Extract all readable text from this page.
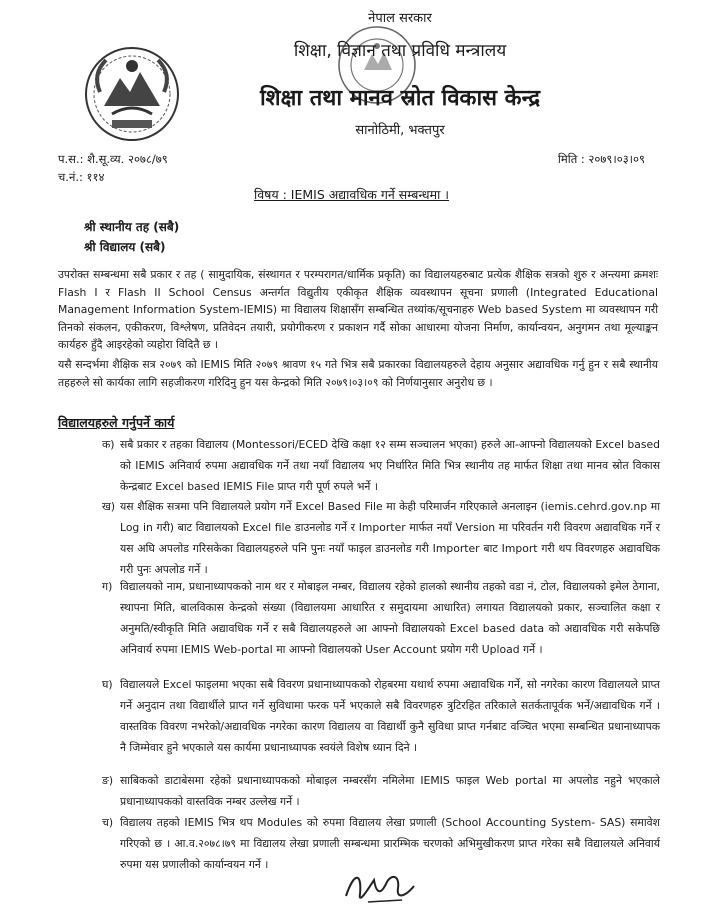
नेपाल सरकार
शिक्षा, विज्ञान तथा प्रविधि मन्त्रालय
शिक्षा तथा मानव स्रोत विकास केन्द्र
सानोठिमी, भक्तपुर
प.स.: शै.सू.व्य. २०७८/७९
च.नं.: ११४
मिति : २०७९।०३।०९
विषय : IEMIS अद्यावधिक गर्ने सम्बन्धमा ।
श्री स्थानीय तह (सबै)
श्री विद्यालय (सबै)
उपरोक्त सम्बन्धमा सबै प्रकार र तह ( सामुदायिक, संस्थागत र परम्परागत/धार्मिक प्रकृति) का विद्यालयहरुबाट प्रत्येक शैक्षिक सत्रको शुरु र अन्त्यमा क्रमशः Flash I र Flash II School Census अन्तर्गत विद्युतीय एकीकृत शैक्षिक व्यवस्थापन सूचना प्रणाली (Integrated Educational Management Information System-IEMIS) मा विद्यालय शिक्षासँग सम्बन्धित तथ्यांक/सूचनाहरु Web based System मा व्यवस्थापन गरी तिनको संकलन, एकीकरण, विश्लेषण, प्रतिवेदन तयारी, प्रयोगीकरण र प्रकाशन गर्दै सोका आधारमा योजना निर्माण, कार्यान्वयन, अनुगमन तथा मूल्याङ्कन कार्यहरु हुँदै आइरहेको व्यहोरा विदितै छ ।
यसै सन्दर्भमा शैक्षिक सत्र २०७९ को IEMIS मिति २०७९ श्रावण १५ गते भित्र सबै प्रकारका विद्यालयहरुले देहाय अनुसार अद्यावधिक गर्नु हुन र सबै स्थानीय तहहरुले सो कार्यका लागि सहजीकरण गरिदिनु हुन यस केन्द्रको मिति २०७९।०३।०९ को निर्णयानुसार अनुरोध छ ।
विद्यालयहरुले गर्नुपर्ने कार्य
क) सबै प्रकार र तहका विद्यालय (Montessori/ECED देखि कक्षा १२ सम्म सञ्चालन भएका) हरुले आ-आफ्नो विद्यालयको Excel based को IEMIS अनिवार्य रुपमा अद्यावधिक गर्ने तथा नयाँ विद्यालय भए निर्धारित मिति भित्र स्थानीय तह मार्फत शिक्षा तथा मानव स्रोत विकास केन्द्रबाट Excel based IEMIS File प्राप्त गरी पूर्ण रुपले भर्ने ।
ख) यस शैक्षिक सत्रमा पनि विद्यालयले प्रयोग गर्ने Excel Based File मा केही परिमार्जन गरिएकाले अनलाइन (iemis.cehrd.gov.np मा Log in गरी) बाट विद्यालयको Excel file डाउनलोड गर्ने र Importer मार्फत नयाँ Version मा परिवर्तन गरी विवरण अद्यावधिक गर्ने र यस अघि अपलोड गरिसकेका विद्यालयहरुले पनि पुनः नयाँ फाइल डाउनलोड गरी Importer बाट Import गरी थप विवरणहरु अद्यावधिक गरी पुनः अपलोड गर्ने ।
ग) विद्यालयको नाम, प्रधानाध्यापकको नाम थर र मोबाइल नम्बर, विद्यालय रहेको हालको स्थानीय तहको वडा नं, टोल, विद्यालयको इमेल ठेगाना, स्थापना मिति, बालविकास केन्द्रको संख्या (विद्यालयमा आधारित र समुदायमा आधारित) लगायत विद्यालयको प्रकार, सञ्चालित कक्षा र अनुमति/स्वीकृति मिति अद्यावधिक गर्ने र सबै विद्यालयहरुले आ आफ्नो विद्यालयको Excel based data को अद्यावधिक गरी सकेपछि अनिवार्य रुपमा IEMIS Web-portal मा आफ्नो विद्यालयको User Account प्रयोग गरी Upload गर्ने ।
घ) विद्यालयले Excel फाइलमा भएका सबै विवरण प्रधानाध्यापकको रोहबरमा यथार्थ रुपमा अद्यावधिक गर्ने, सो नगरेका कारण विद्यालयले प्राप्त गर्ने अनुदान तथा विद्यार्थीले प्राप्त गर्ने सुविधामा फरक पर्ने भएकाले सबै विवरणहरु त्रुटिरहित तरिकाले सतर्कतापूर्वक भर्ने/अद्यावधिक गर्ने । वास्तविक विवरण नभरेको/अद्यावधिक नगरेका कारण विद्यालय वा विद्यार्थी कुनै सुविधा प्राप्त गर्नबाट वञ्चित भएमा सम्बन्धित प्रधानाध्यापक नै जिम्मेवार हुने भएकाले यस कार्यमा प्रधानाध्यापक स्वयंले विशेष ध्यान दिने ।
ङ) साबिकको डाटाबेसमा रहेको प्रधानाध्यापकको मोबाइल नम्बरसँग नमिलेमा IEMIS फाइल Web portal मा अपलोड नहुने भएकाले प्रधानाध्यापकको वास्तविक नम्बर उल्लेख गर्ने ।
च) विद्यालय तहको IEMIS भित्र थप Modules को रुपमा विद्यालय लेखा प्रणाली (School Accounting System- SAS) समावेश गरिएको छ । आ.व.२०७८।७९ मा विद्यालय लेखा प्रणाली सम्बन्धमा प्रारम्भिक चरणको अभिमुखीकरण प्राप्त गरेका सबै विद्यालयले अनिवार्य रुपमा यस प्रणालीको कार्यान्वयन गर्ने ।
